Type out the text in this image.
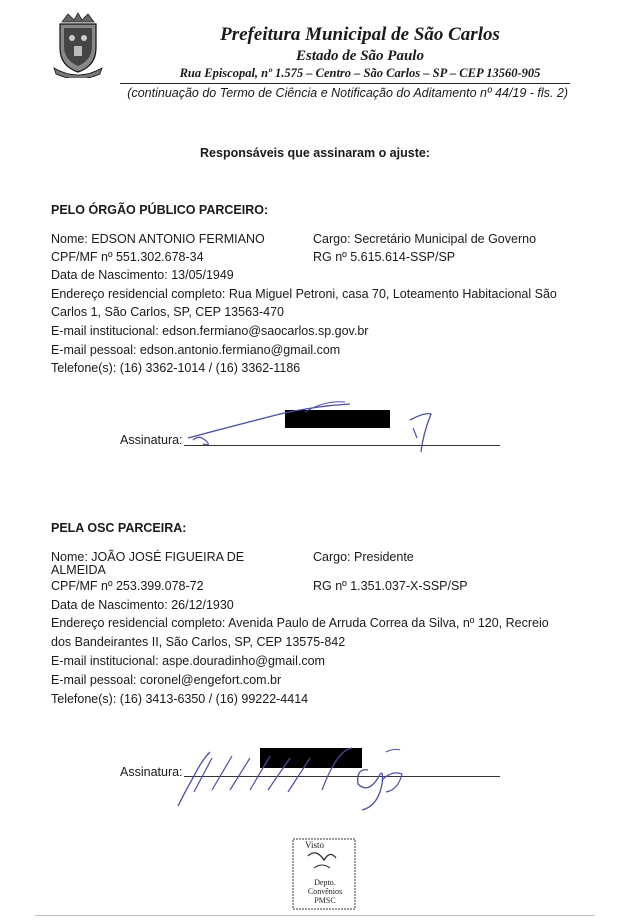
Prefeitura Municipal de São Carlos
Estado de São Paulo
Rua Episcopal, nº 1.575 – Centro – São Carlos – SP – CEP 13560-905
(continuação do Termo de Ciência e Notificação do Aditamento nº 44/19 - fls. 2)
Responsáveis que assinaram o ajuste:
PELO ÓRGÃO PÚBLICO PARCEIRO:
Nome: EDSON ANTONIO FERMIANO	Cargo: Secretário Municipal de Governo
CPF/MF nº 551.302.678-34	RG nº 5.615.614-SSP/SP
Data de Nascimento: 13/05/1949
Endereço residencial completo: Rua Miguel Petroni, casa 70, Loteamento Habitacional São
Carlos 1, São Carlos, SP, CEP 13563-470
E-mail institucional: edson.fermiano@saocarlos.sp.gov.br
E-mail pessoal: edson.antonio.fermiano@gmail.com
Telefone(s): (16) 3362-1014 / (16) 3362-1186
Assinatura:
PELA OSC PARCEIRA:
Nome: JOÃO JOSÉ FIGUEIRA DE
ALMEIDA
Cargo: Presidente
CPF/MF nº 253.399.078-72	RG nº 1.351.037-X-SSP/SP
Data de Nascimento: 26/12/1930
Endereço residencial completo: Avenida Paulo de Arruda Correa da Silva, nº 120, Recreio
dos Bandeirantes II, São Carlos, SP, CEP 13575-842
E-mail institucional: aspe.douradinho@gmail.com
E-mail pessoal: coronel@engefort.com.br
Telefone(s): (16) 3413-6350 / (16) 99222-4414
Assinatura:
Visto
Depto.
Convênios
PMSC
